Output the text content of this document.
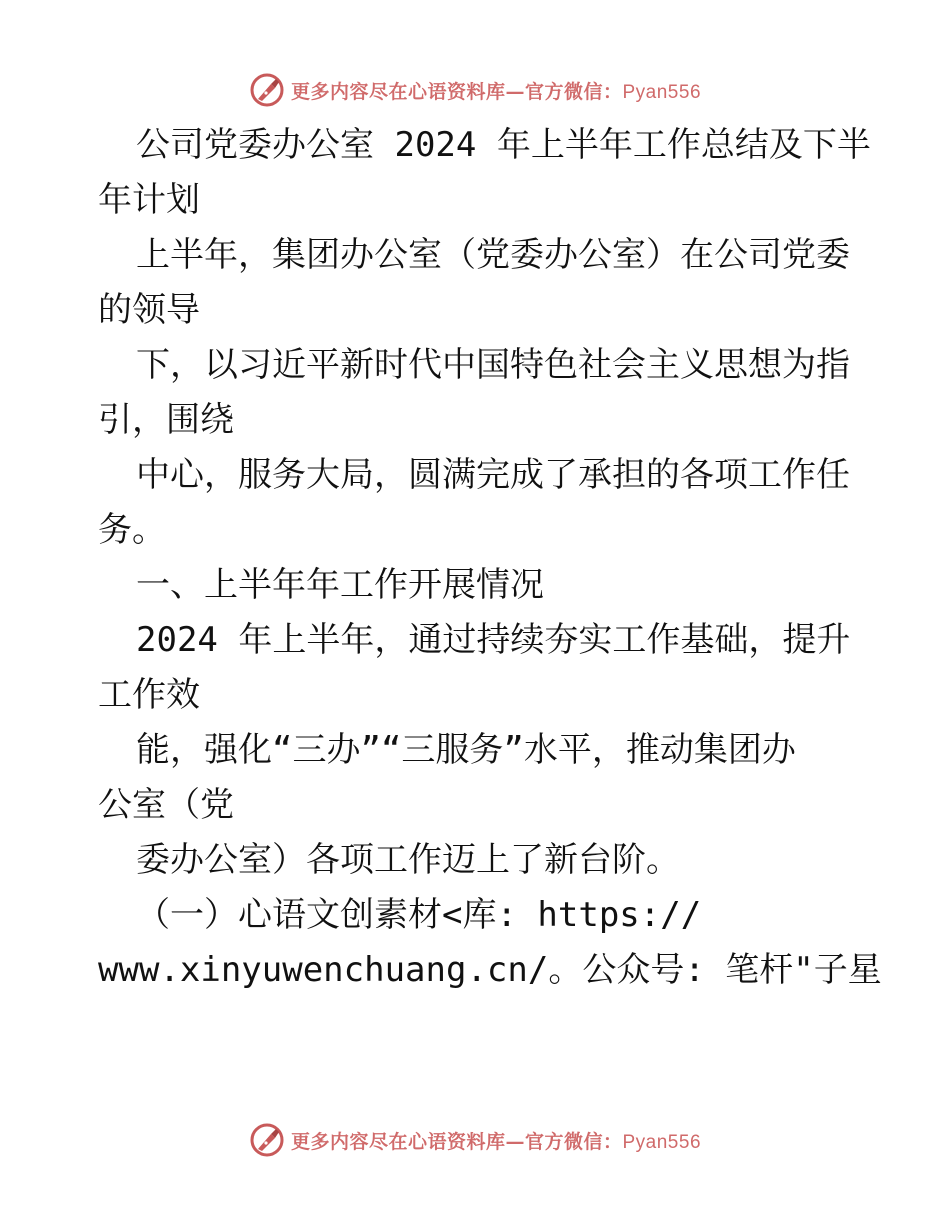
更多内容尽在心语资料库—官方微信：Pyan556
公司党委办公室 2024 年上半年工作总结及下半
年计划
上半年，集团办公室（党委办公室）在公司党委
的领导
下，以习近平新时代中国特色社会主义思想为指
引，围绕
中心，服务大局，圆满完成了承担的各项工作任
务。
一、上半年年工作开展情况
2024 年上半年，通过持续夯实工作基础，提升
工作效
能，强化“三办”“三服务”水平，推动集团办
公室（党
委办公室）各项工作迈上了新台阶。
（一）心语文创素材<库: https://
www.xinyuwenchuang.cn/。公众号: 笔杆"子星
更多内容尽在心语资料库—官方微信：Pyan556
